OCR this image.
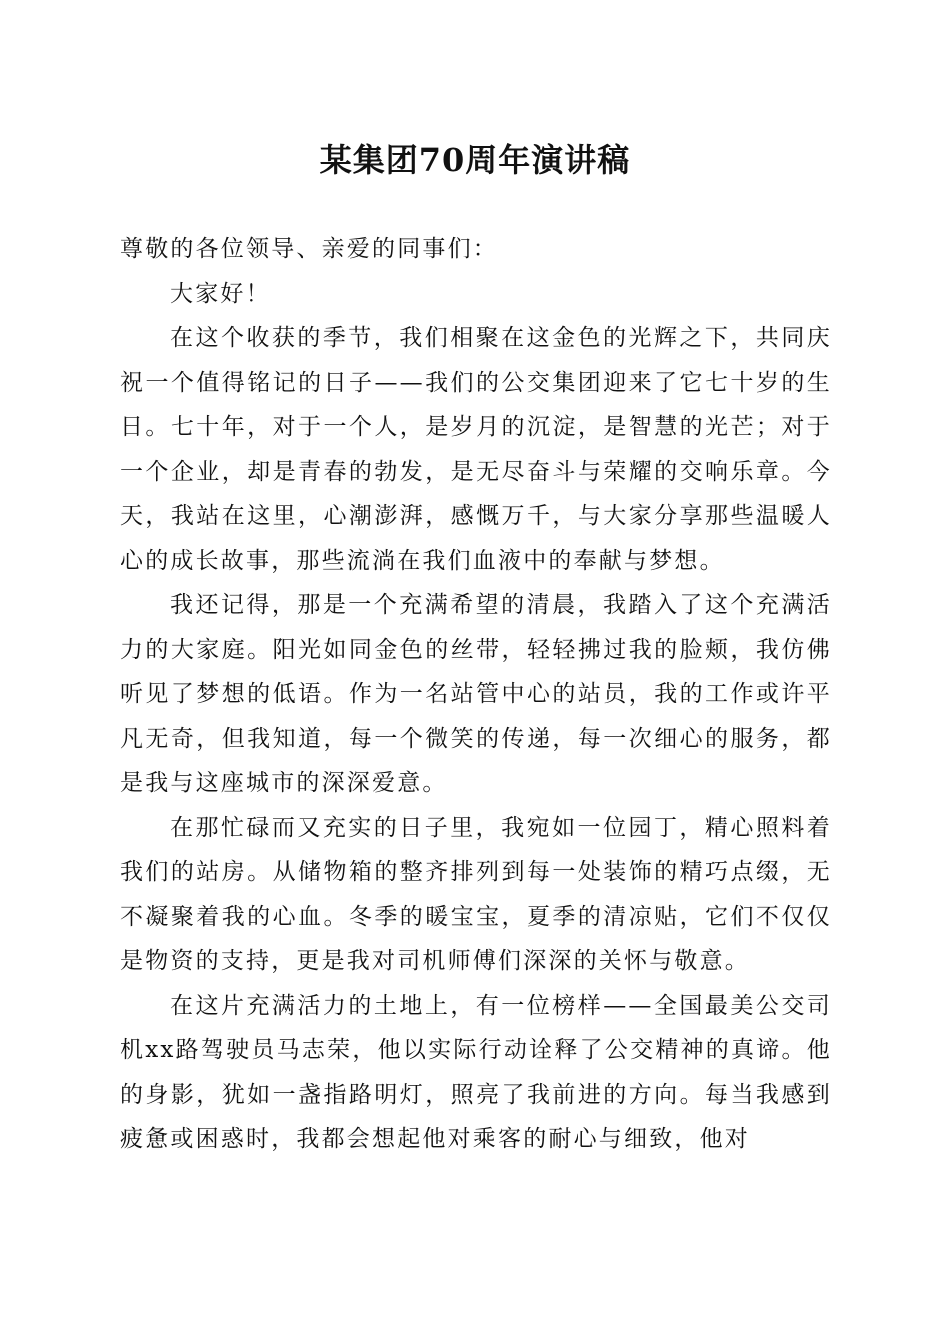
某集团70周年演讲稿

尊敬的各位领导、亲爱的同事们：

大家好！

在这个收获的季节，我们相聚在这金色的光辉之下，共同庆祝一个值得铭记的日子——我们的公交集团迎来了它七十岁的生日。七十年，对于一个人，是岁月的沉淀，是智慧的光芒；对于一个企业，却是青春的勃发，是无尽奋斗与荣耀的交响乐章。今天，我站在这里，心潮澎湃，感慨万千，与大家分享那些温暖人心的成长故事，那些流淌在我们血液中的奉献与梦想。

我还记得，那是一个充满希望的清晨，我踏入了这个充满活力的大家庭。阳光如同金色的丝带，轻轻拂过我的脸颊，我仿佛听见了梦想的低语。作为一名站管中心的站员，我的工作或许平凡无奇，但我知道，每一个微笑的传递，每一次细心的服务，都是我与这座城市的深深爱意。

在那忙碌而又充实的日子里，我宛如一位园丁，精心照料着我们的站房。从储物箱的整齐排列到每一处装饰的精巧点缀，无不凝聚着我的心血。冬季的暖宝宝，夏季的清凉贴，它们不仅仅是物资的支持，更是我对司机师傅们深深的关怀与敬意。

在这片充满活力的土地上，有一位榜样——全国最美公交司机xx路驾驶员马志荣，他以实际行动诠释了公交精神的真谛。他的身影，犹如一盏指路明灯，照亮了我前进的方向。每当我感到疲惫或困惑时，我都会想起他对乘客的耐心与细致，他对
